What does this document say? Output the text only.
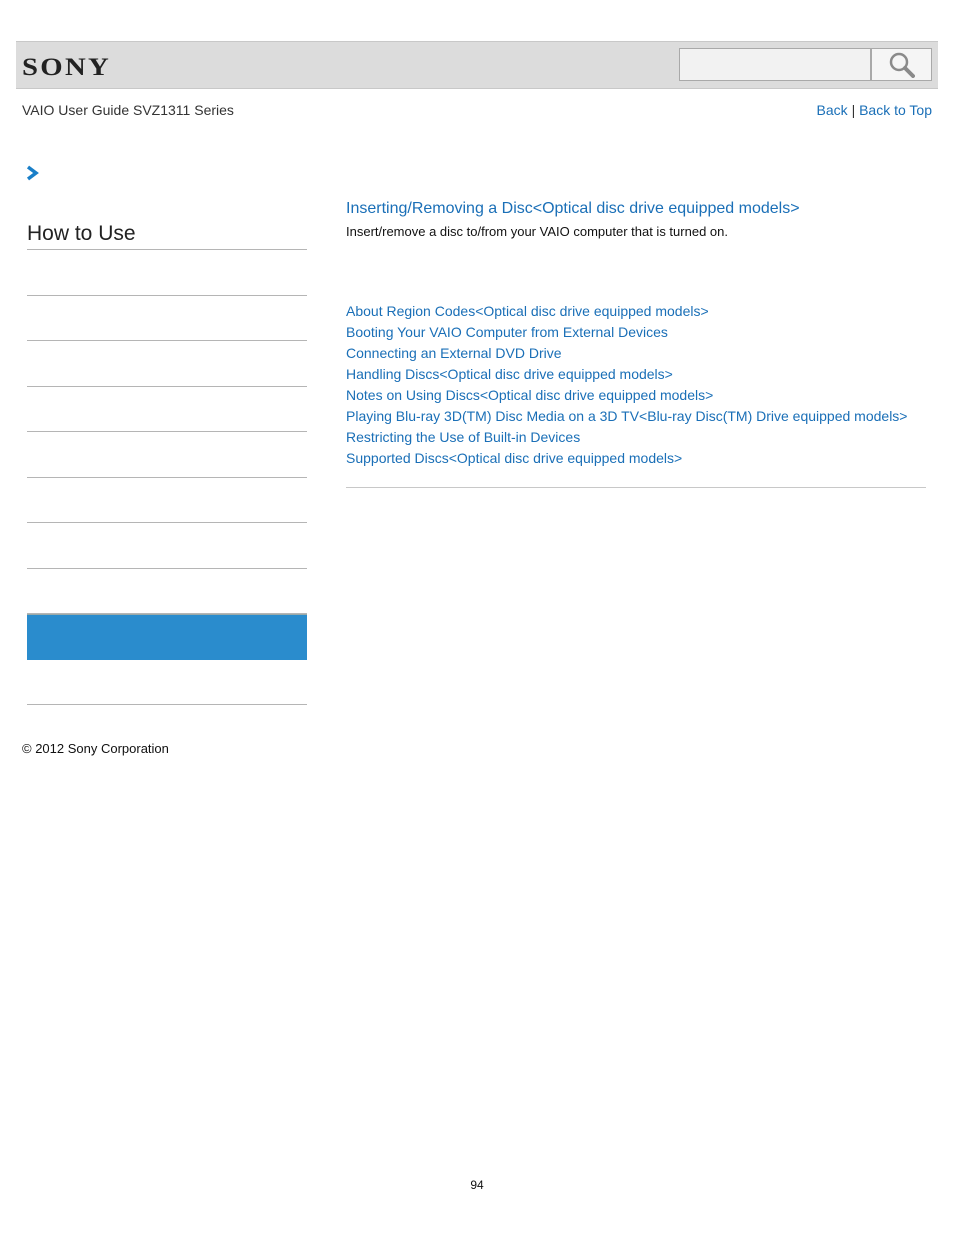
SONY
VAIO User Guide SVZ1311 Series	Back | Back to Top
How to Use
Inserting/Removing a Disc<Optical disc drive equipped models>
Insert/remove a disc to/from your VAIO computer that is turned on.
About Region Codes<Optical disc drive equipped models>
Booting Your VAIO Computer from External Devices
Connecting an External DVD Drive
Handling Discs<Optical disc drive equipped models>
Notes on Using Discs<Optical disc drive equipped models>
Playing Blu-ray 3D(TM) Disc Media on a 3D TV<Blu-ray Disc(TM) Drive equipped models>
Restricting the Use of Built-in Devices
Supported Discs<Optical disc drive equipped models>
© 2012 Sony Corporation
94
